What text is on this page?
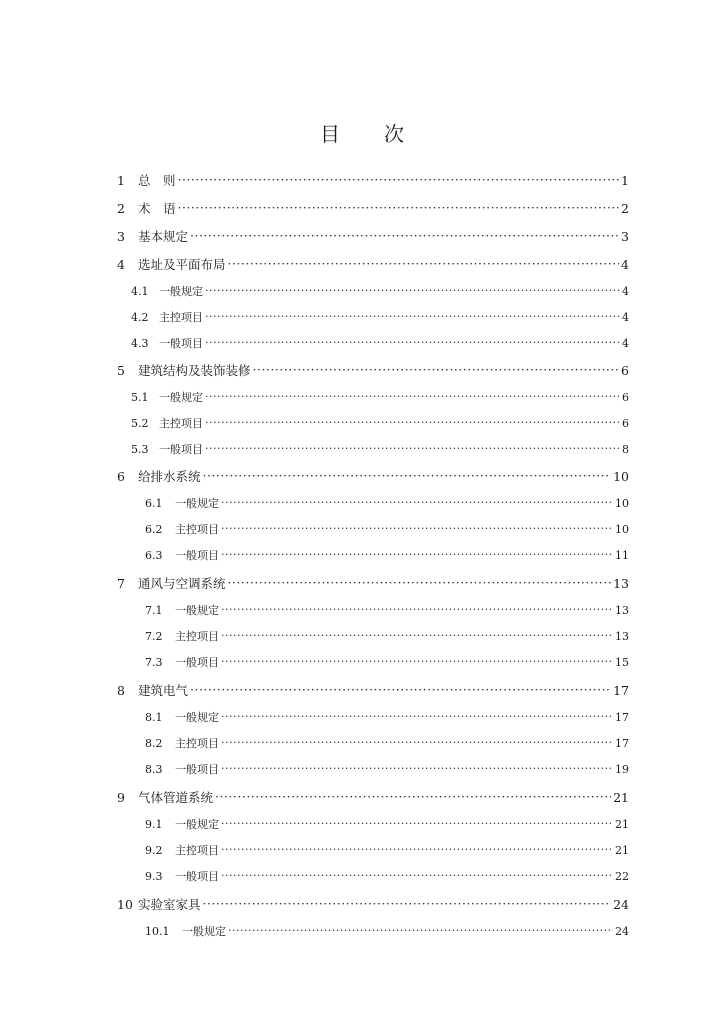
目 次
1	总　则 ·····	1
2	术　语 ·····	2
3	基本规定 ·····	3
4	选址及平面布局 ·····	4
4.1 一般规定 ·····	4
4.2 主控项目 ·····	4
4.3 一般项目 ·····	4
5	建筑结构及装饰装修 ·····	6
5.1 一般规定 ·····	6
5.2 主控项目 ·····	6
5.3 一般项目 ·····	8
6	给排水系统 ·····	10
6.1	一般规定 ·····	10
6.2	主控项目 ·····	10
6.3	一般项目 ·····	11
7	通风与空调系统 ·····	13
7.1	一般规定 ·····	13
7.2	主控项目 ·····	13
7.3	一般项目 ·····	15
8	建筑电气 ·····	17
8.1	一般规定 ·····	17
8.2	主控项目 ·····	17
8.3	一般项目 ·····	19
9	气体管道系统 ·····	21
9.1	一般规定 ·····	21
9.2	主控项目 ·····	21
9.3	一般项目 ·····	22
10 实验室家具 ·····	24
10.1	一般规定 ·····	24
